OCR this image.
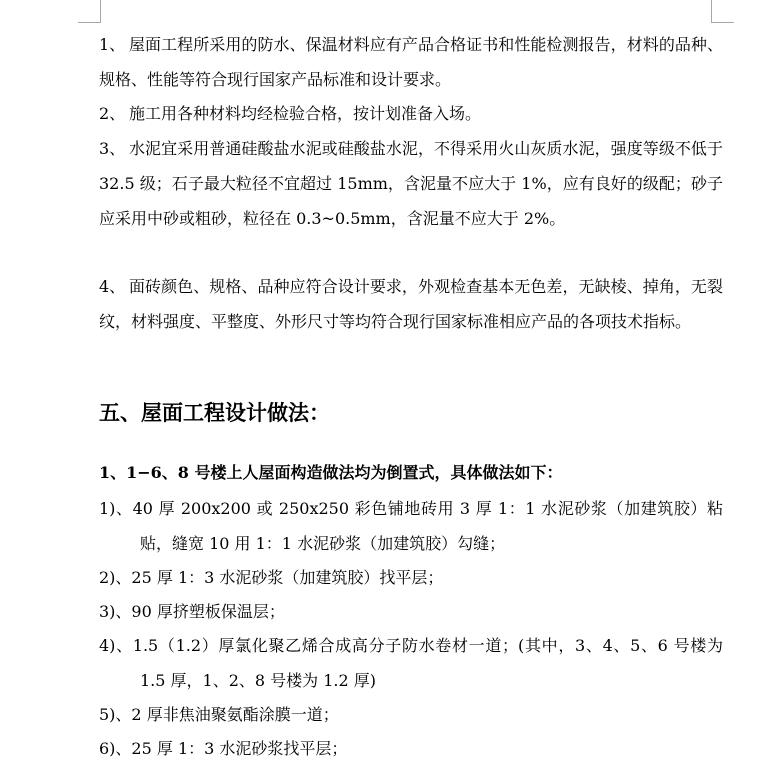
1、 屋面工程所采用的防水、保温材料应有产品合格证书和性能检测报告，材料的品种、规格、性能等符合现行国家产品标准和设计要求。
2、 施工用各种材料均经检验合格，按计划准备入场。
3、 水泥宜采用普通硅酸盐水泥或硅酸盐水泥，不得采用火山灰质水泥，强度等级不低于 32.5 级；石子最大粒径不宜超过 15mm，含泥量不应大于 1%，应有良好的级配；砂子应采用中砂或粗砂，粒径在 0.3~0.5mm，含泥量不应大于 2%。
4、 面砖颜色、规格、品种应符合设计要求，外观检查基本无色差，无缺棱、掉角，无裂纹，材料强度、平整度、外形尺寸等均符合现行国家标准相应产品的各项技术指标。
五、屋面工程设计做法：
1、1−6、8 号楼上人屋面构造做法均为倒置式，具体做法如下：
1)、40 厚 200x200 或 250x250 彩色铺地砖用 3 厚 1：1 水泥砂浆（加建筑胶）粘贴，缝宽 10 用 1：1 水泥砂浆（加建筑胶）勾缝；
2)、25 厚 1：3 水泥砂浆（加建筑胶）找平层；
3)、90 厚挤塑板保温层；
4)、1.5（1.2）厚氯化聚乙烯合成高分子防水卷材一道；(其中，3、4、5、6 号楼为 1.5 厚，1、2、8 号楼为 1.2 厚)
5)、2 厚非焦油聚氨酯涂膜一道；
6)、25 厚 1：3 水泥砂浆找平层；
